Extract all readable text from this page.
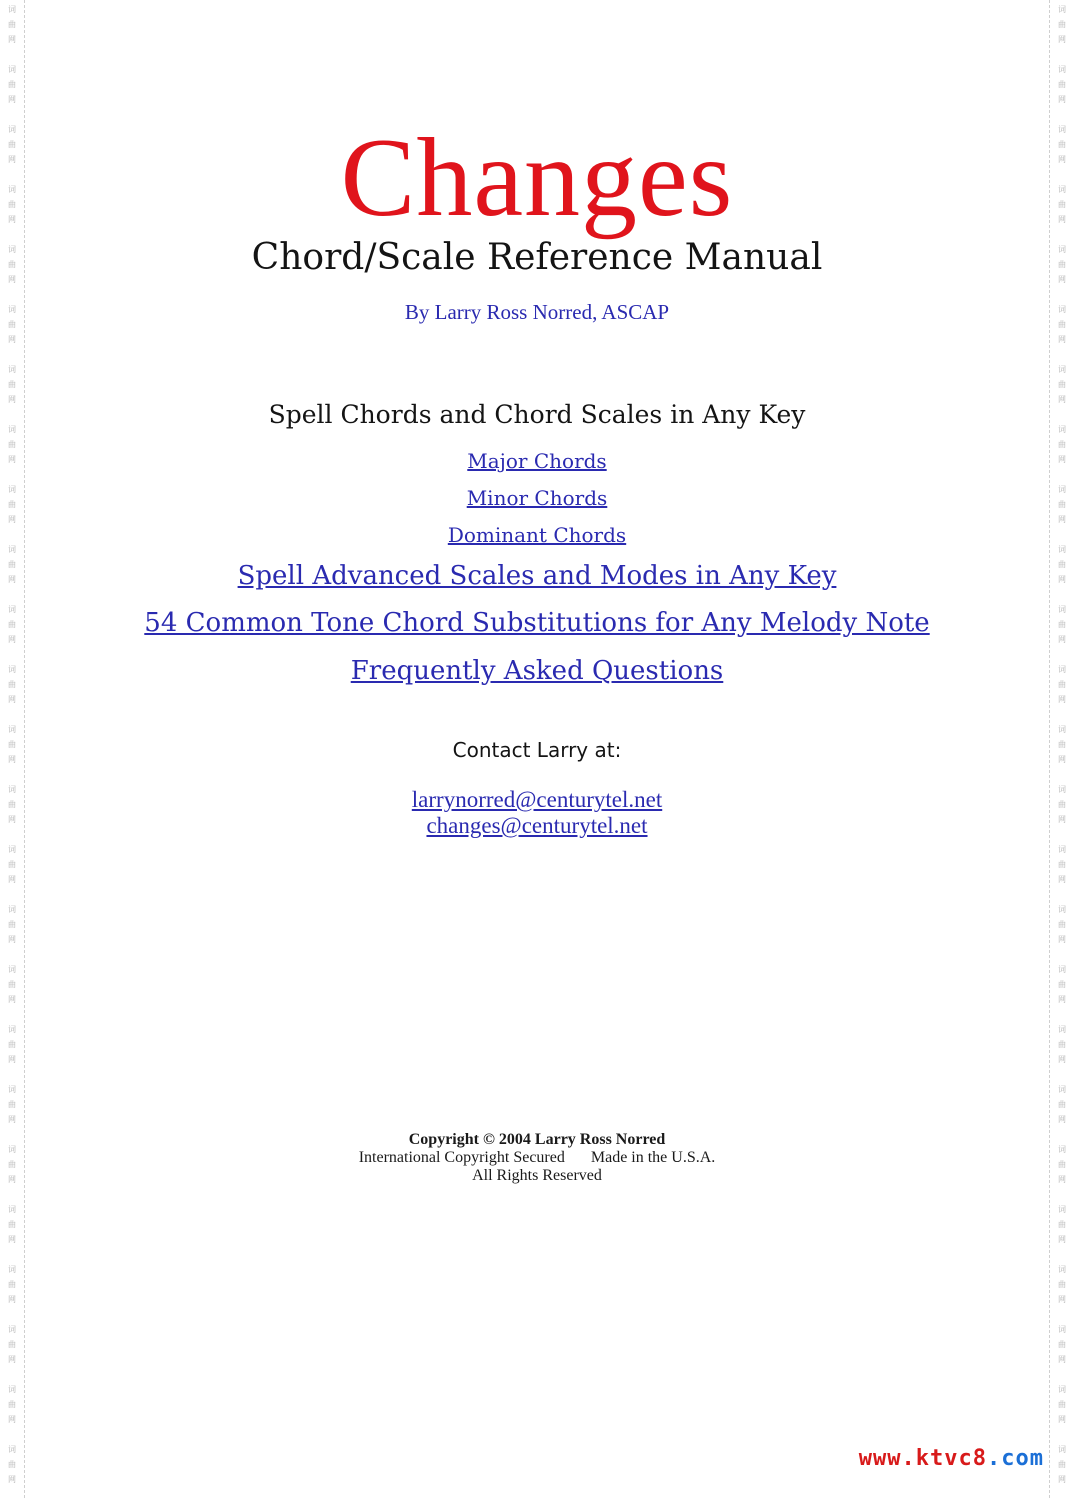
词
曲
网
词
曲
网
词
曲
网
词
曲
网
词
曲
网
词
曲
网
词
曲
网
词
曲
网
词
曲
网
词
曲
网
词
曲
网
词
曲
网
词
曲
网
词
曲
网
词
曲
网
词
曲
网
词
曲
网
词
曲
网
词
曲
网
词
曲
网
词
曲
网
词
曲
网
词
曲
网
词
曲
网
词
曲
网
词
曲
网
词
曲
网
词
曲
网
词
曲
网
词
曲
网
词
曲
网
词
曲
网
词
曲
网
词
曲
网
词
曲
网
词
曲
网
词
曲
网
词
曲
网
词
曲
网
词
曲
网
词
曲
网
词
曲
网
词
曲
网
词
曲
网
词
曲
网
词
曲
网
词
曲
网
词
曲
网
词
曲
网
词
曲
网
Changes
Chord/Scale Reference Manual
By Larry Ross Norred, ASCAP
Spell Chords and Chord Scales in Any Key
Major Chords
Minor Chords
Dominant Chords
Spell Advanced Scales and Modes in Any Key
54 Common Tone Chord Substitutions for Any Melody Note
Frequently Asked Questions
Contact Larry at:
larrynorred@centurytel.net
changes@centurytel.net
Copyright © 2004 Larry Ross Norred
International Copyright Secured Made in the U.S.A.
All Rights Reserved
www.ktvc8.com
